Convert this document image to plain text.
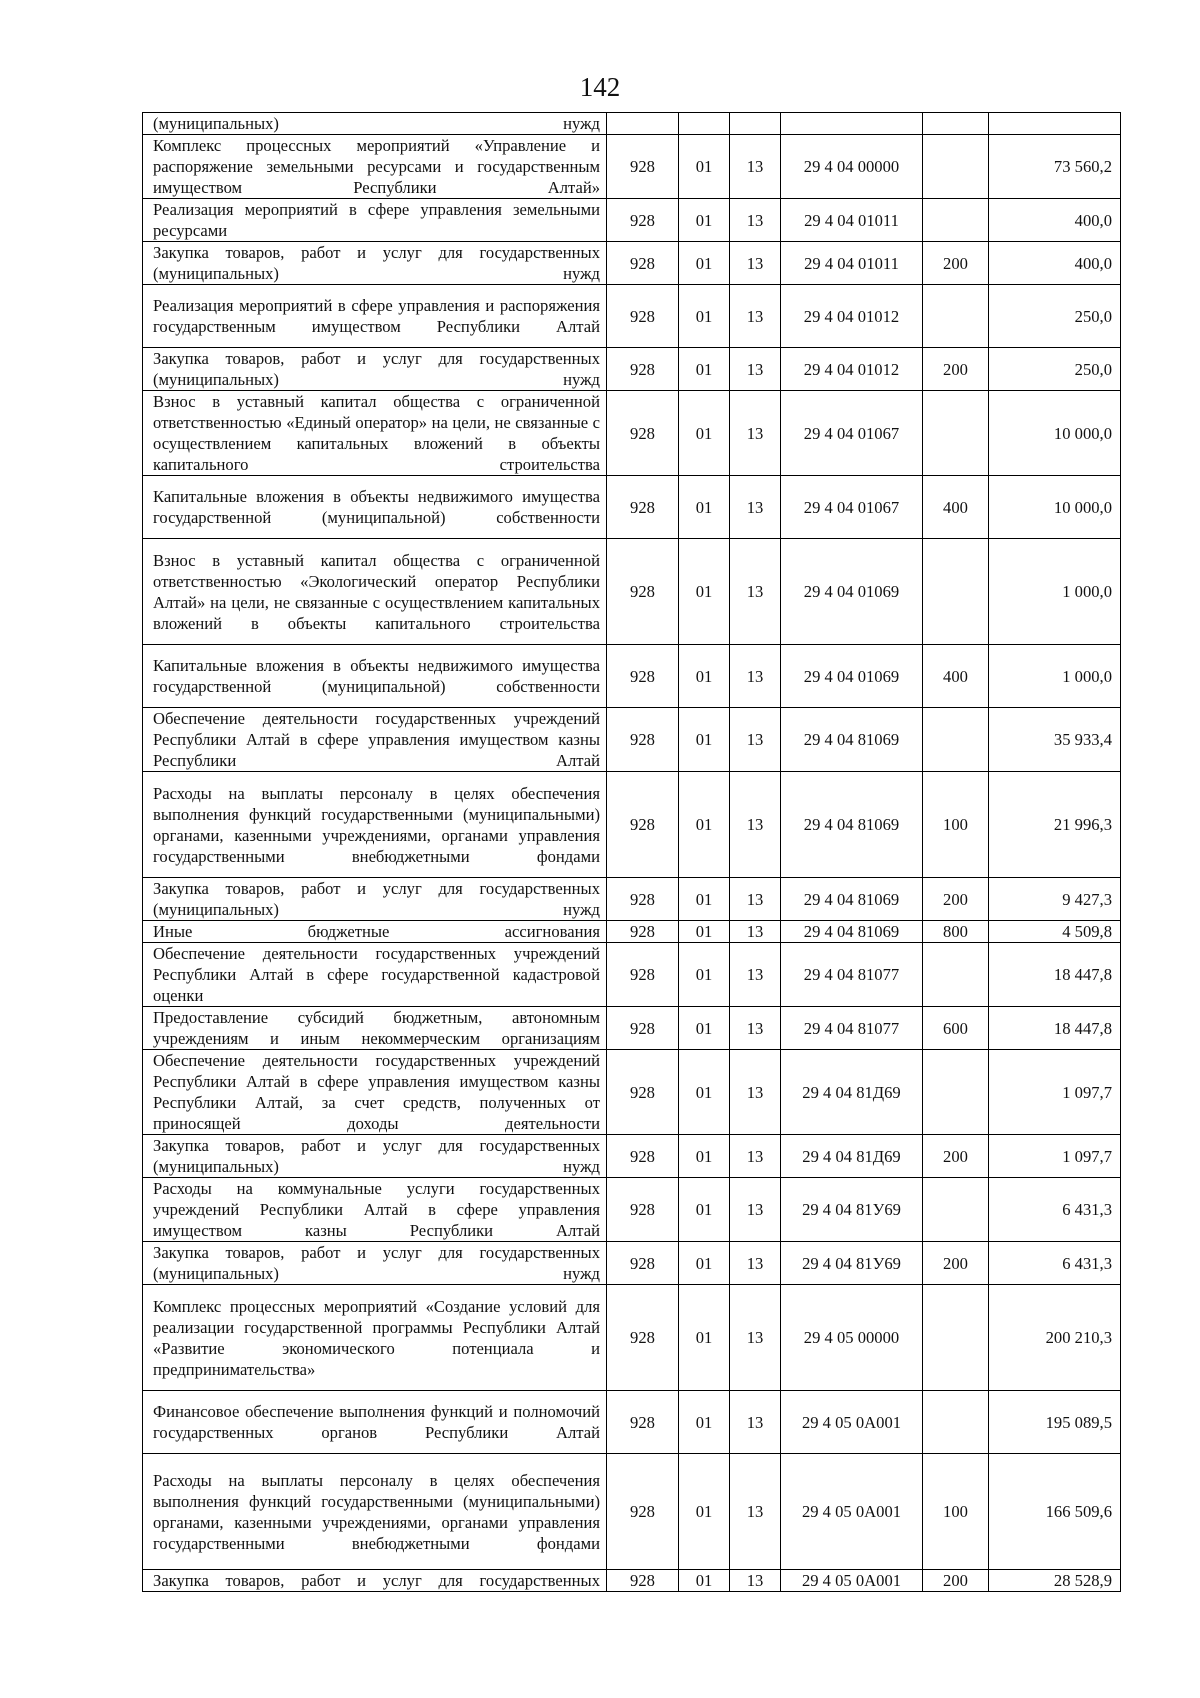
142
(муниципальных) нужд						
Комплекс процессных мероприятий «Управление и распоряжение земельными ресурсами и государственным имуществом Республики Алтай»	928	01	13	29 4 04 00000		73 560,2
Реализация мероприятий в сфере управления земельными ресурсами	928	01	13	29 4 04 01011		400,0
Закупка товаров, работ и услуг для государственных (муниципальных) нужд	928	01	13	29 4 04 01011	200	400,0
Реализация мероприятий в сфере управления и распоряжения государственным имуществом Республики Алтай	928	01	13	29 4 04 01012		250,0
Закупка товаров, работ и услуг для государственных (муниципальных) нужд	928	01	13	29 4 04 01012	200	250,0
Взнос в уставный капитал общества с ограниченной ответственностью «Единый оператор» на цели, не связанные с осуществлением капитальных вложений в объекты капитального строительства	928	01	13	29 4 04 01067		10 000,0
Капитальные вложения в объекты недвижимого имущества государственной (муниципальной) собственности	928	01	13	29 4 04 01067	400	10 000,0
Взнос в уставный капитал общества с ограниченной ответственностью «Экологический оператор Республики Алтай» на цели, не связанные с осуществлением капитальных вложений в объекты капитального строительства	928	01	13	29 4 04 01069		1 000,0
Капитальные вложения в объекты недвижимого имущества государственной (муниципальной) собственности	928	01	13	29 4 04 01069	400	1 000,0
Обеспечение деятельности государственных учреждений Республики Алтай в сфере управления имуществом казны Республики Алтай	928	01	13	29 4 04 81069		35 933,4
Расходы на выплаты персоналу в целях обеспечения выполнения функций государственными (муниципальными) органами, казенными учреждениями, органами управления государственными внебюджетными фондами	928	01	13	29 4 04 81069	100	21 996,3
Закупка товаров, работ и услуг для государственных (муниципальных) нужд	928	01	13	29 4 04 81069	200	9 427,3
Иные бюджетные ассигнования	928	01	13	29 4 04 81069	800	4 509,8
Обеспечение деятельности государственных учреждений Республики Алтай в сфере государственной кадастровой оценки	928	01	13	29 4 04 81077		18 447,8
Предоставление субсидий бюджетным, автономным учреждениям и иным некоммерческим организациям	928	01	13	29 4 04 81077	600	18 447,8
Обеспечение деятельности государственных учреждений Республики Алтай в сфере управления имуществом казны Республики Алтай, за счет средств, полученных от приносящей доходы деятельности	928	01	13	29 4 04 81Д69		1 097,7
Закупка товаров, работ и услуг для государственных (муниципальных) нужд	928	01	13	29 4 04 81Д69	200	1 097,7
Расходы на коммунальные услуги государственных учреждений Республики Алтай в сфере управления имуществом казны Республики Алтай	928	01	13	29 4 04 81У69		6 431,3
Закупка товаров, работ и услуг для государственных (муниципальных) нужд	928	01	13	29 4 04 81У69	200	6 431,3
Комплекс процессных мероприятий «Создание условий для реализации государственной программы Республики Алтай «Развитие экономического потенциала и предпринимательства»	928	01	13	29 4 05 00000		200 210,3
Финансовое обеспечение выполнения функций и полномочий государственных органов Республики Алтай	928	01	13	29 4 05 0А001		195 089,5
Расходы на выплаты персоналу в целях обеспечения выполнения функций государственными (муниципальными) органами, казенными учреждениями, органами управления государственными внебюджетными фондами	928	01	13	29 4 05 0А001	100	166 509,6
Закупка товаров, работ и услуг для государственных	928	01	13	29 4 05 0А001	200	28 528,9
